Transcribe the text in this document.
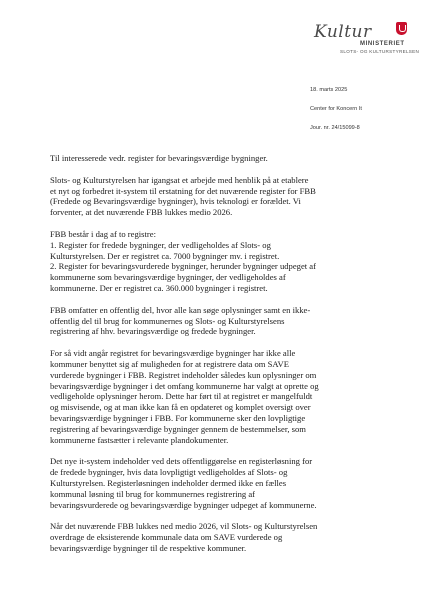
Kultur
MINISTERIET
SLOTS- OG KULTURSTYRELSEN
18. marts 2025
Center for Koncern It
Jour. nr. 24/15099-8

Til interesserede vedr. register for bevaringsværdige bygninger.

Slots- og Kulturstyrelsen har igangsat et arbejde med henblik på at etablere
et nyt og forbedret it-system til erstatning for det nuværende register for FBB
(Fredede og Bevaringsværdige bygninger), hvis teknologi er forældet. Vi
forventer, at det nuværende FBB lukkes medio 2026.

FBB består i dag af to registre:
1. Register for fredede bygninger, der vedligeholdes af Slots- og
Kulturstyrelsen. Der er registret ca. 7000 bygninger mv. i registret.
2. Register for bevaringsvurderede bygninger, herunder bygninger udpeget af
kommunerne som bevaringsværdige bygninger, der vedligeholdes af
kommunerne. Der er registret ca. 360.000 bygninger i registret.

FBB omfatter en offentlig del, hvor alle kan søge oplysninger samt en ikke-
offentlig del til brug for kommunernes og Slots- og Kulturstyrelsens
registrering af hhv. bevaringsværdige og fredede bygninger.

For så vidt angår registret for bevaringsværdige bygninger har ikke alle
kommuner benyttet sig af muligheden for at registrere data om SAVE
vurderede bygninger i FBB. Registret indeholder således kun oplysninger om
bevaringsværdige bygninger i det omfang kommunerne har valgt at oprette og
vedligeholde oplysninger herom. Dette har ført til at registret er mangelfuldt
og misvisende, og at man ikke kan få en opdateret og komplet oversigt over
bevaringsværdige bygninger i FBB. For kommunerne sker den lovpligtige
registrering af bevaringsværdige bygninger gennem de bestemmelser, som
kommunerne fastsætter i relevante plandokumenter.

Det nye it-system indeholder ved dets offentliggørelse en registerløsning for
de fredede bygninger, hvis data lovpligtigt vedligeholdes af Slots- og
Kulturstyrelsen. Registerløsningen indeholder dermed ikke en fælles
kommunal løsning til brug for kommunernes registrering af
bevaringsvurderede og bevaringsværdige bygninger udpeget af kommunerne.

Når det nuværende FBB lukkes ned medio 2026, vil Slots- og Kulturstyrelsen
overdrage de eksisterende kommunale data om SAVE vurderede og
bevaringsværdige bygninger til de respektive kommuner.
